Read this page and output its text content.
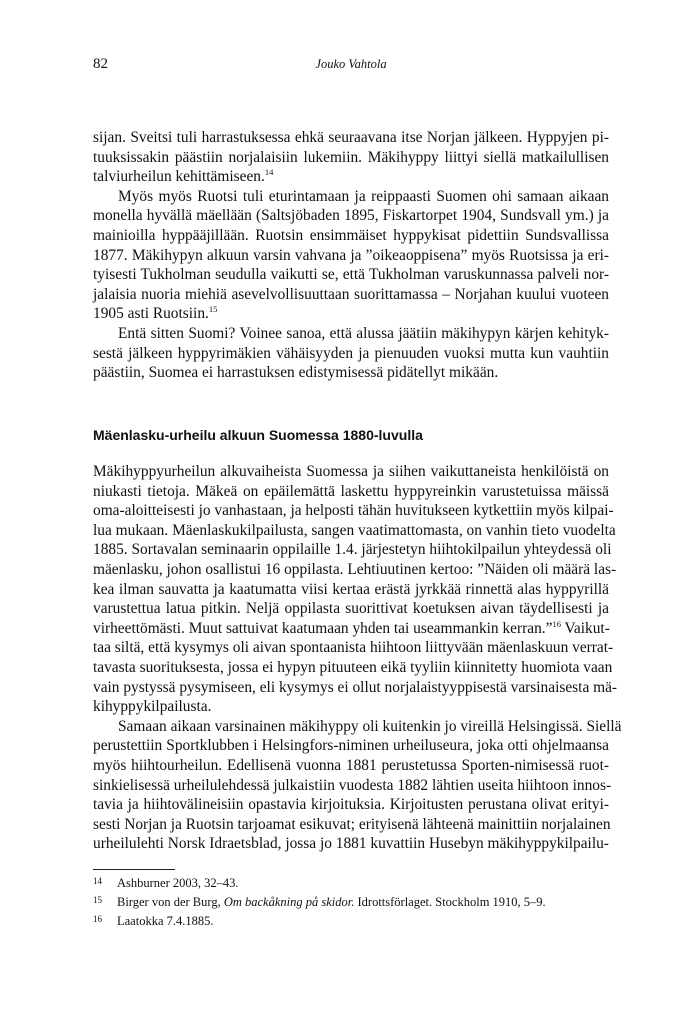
82	Jouko Vahtola
sijan. Sveitsi tuli harrastuksessa ehkä seuraavana itse Norjan jälkeen. Hyppyjen pi-
tuuksissakin päästiin norjalaisiin lukemiin. Mäkihyppy liittyi siellä matkailullisen
talviurheilun kehittämiseen.$^{14}$
Myös myös Ruotsi tuli eturintamaan ja reippaasti Suomen ohi samaan aikaan
monella hyvällä mäellään (Saltsjöbaden 1895, Fiskartorpet 1904, Sundsvall ym.) ja
mainioilla hyppääjillään. Ruotsin ensimmäiset hyppykisat pidettiin Sundsvallissa
1877. Mäkihypyn alkuun varsin vahvana ja ”oikeaoppisena” myös Ruotsissa ja eri-
tyisesti Tukholman seudulla vaikutti se, että Tukholman varuskunnassa palveli nor-
jalaisia nuoria miehiä asevelvollisuuttaan suorittamassa – Norjahan kuului vuoteen
1905 asti Ruotsiin.$^{15}$
Entä sitten Suomi? Voinee sanoa, että alussa jäätiin mäkihypyn kärjen kehityk-
sestä jälkeen hyppyrimäkien vähäisyyden ja pienuuden vuoksi mutta kun vauhtiin
päästiin, Suomea ei harrastuksen edistymisessä pidätellyt mikään.
Mäenlasku-urheilu alkuun Suomessa 1880-luvulla
Mäkihyppyurheilun alkuvaiheista Suomessa ja siihen vaikuttaneista henkilöistä on
niukasti tietoja. Mäkeä on epäilemättä laskettu hyppyreinkin varustetuissa mäissä
oma-aloitteisesti jo vanhastaan, ja helposti tähän huvitukseen kytkettiin myös kilpai-
lua mukaan. Mäenlaskukilpailusta, sangen vaatimattomasta, on vanhin tieto vuodelta
1885. Sortavalan seminaarin oppilaille 1.4. järjestetyn hiihtokilpailun yhteydessä oli
mäenlasku, johon osallistui 16 oppilasta. Lehtiuutinen kertoo: ”Näiden oli määrä las-
keа ilman sauvatta ja kaatumatta viisi kertaa erästä jyrkkää rinnettä alas hyppyrillä
varustettua latua pitkin. Neljä oppilasta suorittivat koetuksen aivan täydellisesti ja
virheettömästi. Muut sattuivat kaatumaan yhden tai useammankin kerran.”$^{16}$ Vaikut-
taa siltä, että kysymys oli aivan spontaanista hiihtoon liittyvään mäenlaskuun verrat-
tavasta suorituksesta, jossa ei hypyn pituuteen eikä tyyliin kiinnitetty huomiota vaan
vain pystyssä pysymiseen, eli kysymys ei ollut norjalaistyyppisestä varsinaisesta mä-
kihyppykilpailusta.
Samaan aikaan varsinainen mäkihyppy oli kuitenkin jo vireillä Helsingissä. Siellä
perustettiin Sportklubben i Helsingfors-niminen urheiluseura, joka otti ohjelmaansa
myös hiihtourheilun. Edellisenä vuonna 1881 perustetussa Sporten-nimisessä ruot-
sinkielisessä urheilulehdessä julkaistiin vuodesta 1882 lähtien useita hiihtoon innos-
tavia ja hiihtovälineisiin opastavia kirjoituksia. Kirjoitusten perustana olivat erityi-
sesti Norjan ja Ruotsin tarjoamat esikuvat; erityisenä lähteenä mainittiin norjalainen
urheilulehti Norsk Idraetsblad, jossa jo 1881 kuvattiin Husebyn mäkihyppykilpailu-
14 Ashburner 2003, 32–43.
15 Birger von der Burg, Om backåkning på skidor. Idrottsförlaget. Stockholm 1910, 5–9.
16 Laatokka 7.4.1885.
